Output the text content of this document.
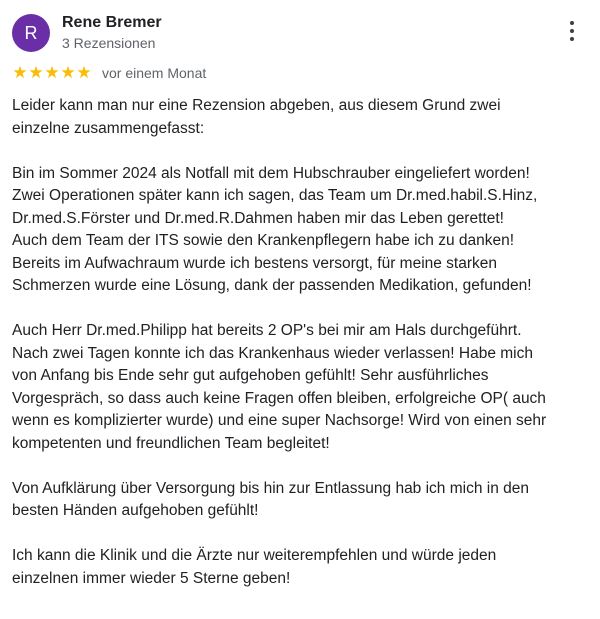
R
Rene Bremer
3 Rezensionen
★ ★ ★ ★ ★ vor einem Monat
Leider kann man nur eine Rezension abgeben, aus diesem Grund zwei
einzelne zusammengefasst:
Bin im Sommer 2024 als Notfall mit dem Hubschrauber eingeliefert worden!
Zwei Operationen später kann ich sagen, das Team um Dr.med.habil.S.Hinz,
Dr.med.S.Förster und Dr.med.R.Dahmen haben mir das Leben gerettet!
Auch dem Team der ITS sowie den Krankenpflegern habe ich zu danken!
Bereits im Aufwachraum wurde ich bestens versorgt, für meine starken
Schmerzen wurde eine Lösung, dank der passenden Medikation, gefunden!
Auch Herr Dr.med.Philipp hat bereits 2 OP's bei mir am Hals durchgeführt.
Nach zwei Tagen konnte ich das Krankenhaus wieder verlassen! Habe mich
von Anfang bis Ende sehr gut aufgehoben gefühlt! Sehr ausführliches
Vorgespräch, so dass auch keine Fragen offen bleiben, erfolgreiche OP( auch
wenn es komplizierter wurde) und eine super Nachsorge! Wird von einen sehr
kompetenten und freundlichen Team begleitet!
Von Aufklärung über Versorgung bis hin zur Entlassung hab ich mich in den
besten Händen aufgehoben gefühlt!
Ich kann die Klinik und die Ärzte nur weiterempfehlen und würde jeden
einzelnen immer wieder 5 Sterne geben!
